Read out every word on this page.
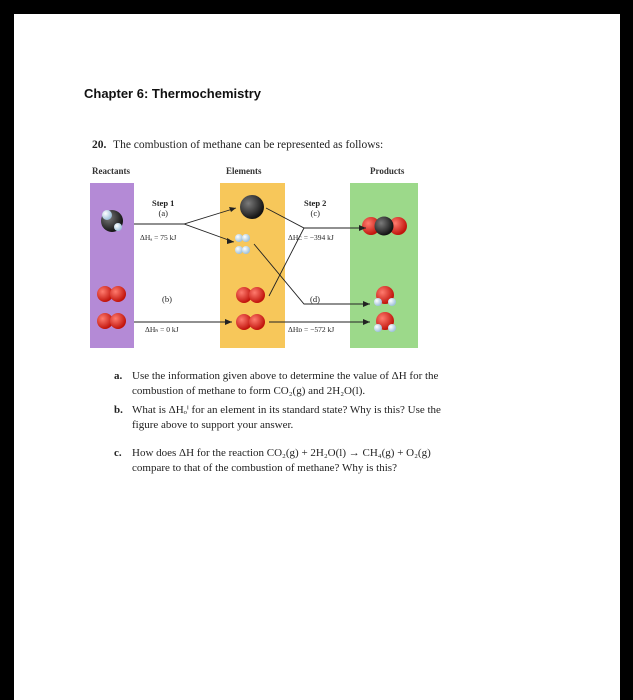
Chapter 6: Thermochemistry
20. The combustion of methane can be represented as follows:
Reactants	Elements	Products
Step 1
(a)
ΔHₐ = 75 kJ
(b)
ΔHₕ = 0 kJ
Step 2
(c)
ΔHᴄ = −394 kJ
(d)
ΔHᴅ = −572 kJ
a. Use the information given above to determine the value of ΔH for the combustion of methane to form CO₂(g) and 2H₂O(l).
b. What is ΔHₒⁱ for an element in its standard state? Why is this? Use the figure above to support your answer.
c. How does ΔH for the reaction CO₂(g) + 2H₂O(l) → CH₄(g) + O₂(g) compare to that of the combustion of methane? Why is this?
